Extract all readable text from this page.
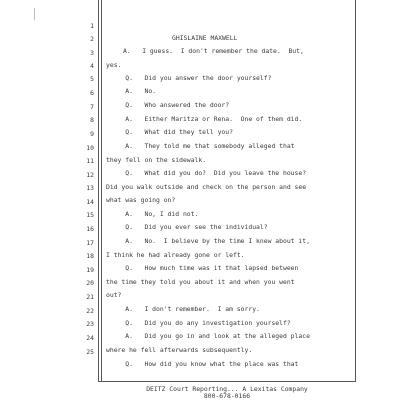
1

GHISLAINE MAXWELL

2

A.   I guess.  I don't remember the date.  But,

3

yes.

4

Q.   Did you answer the door yourself?

5

A.   No.

6

Q.   Who answered the door?

7

A.   Either Maritza or Rena.  One of them did.

8

Q.   What did they tell you?

9

A.   They told me that somebody alleged that

10

they fell on the sidewalk.

11

Q.   What did you do?  Did you leave the house?

12

Did you walk outside and check on the person and see

13

what was going on?

14

A.   No, I did not.

15

Q.   Did you ever see the individual?

16

A.   No.  I believe by the time I knew about it,

17

I think he had already gone or left.

18

Q.   How much time was it that lapsed between

19

the time they told you about it and when you went

20

out?

21

A.   I don't remember.  I am sorry.

22

Q.   Did you do any investigation yourself?

23

A.   Did you go in and look at the alleged place

24

where he fell afterwards subsequently.

25

Q.   How did you know what the place was that

DEITZ Court Reporting... A Lexitas Company
800-678-0166
